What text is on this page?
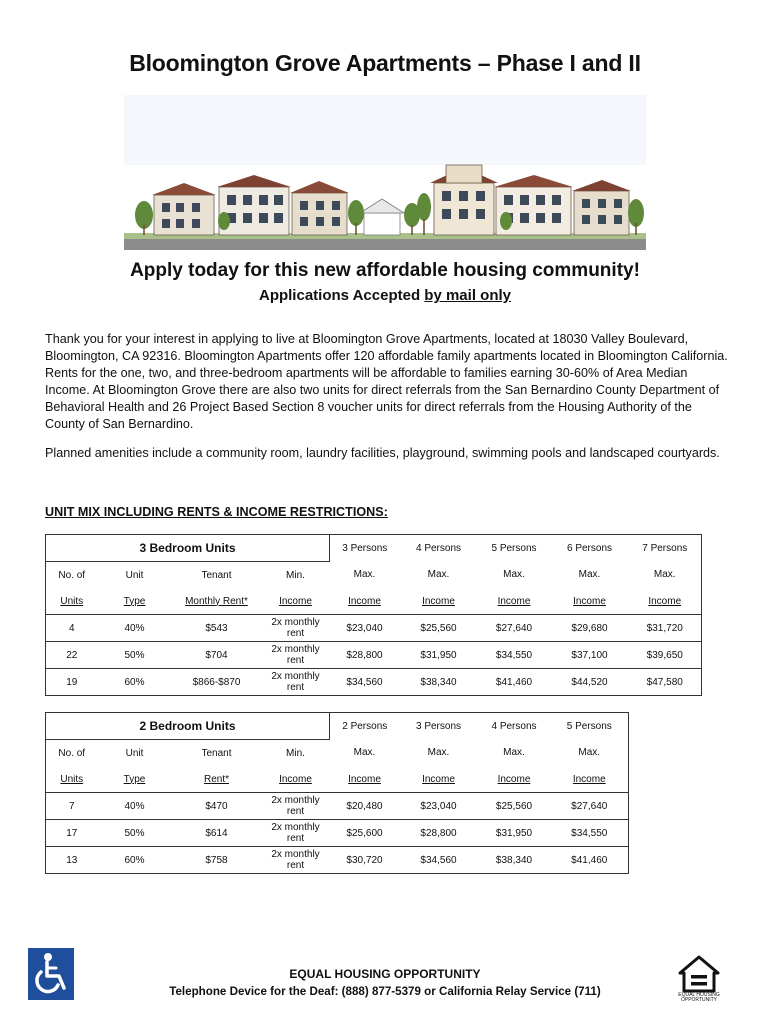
Bloomington Grove Apartments – Phase I and II
Apply today for this new affordable housing community!
Applications Accepted by mail only

Thank you for your interest in applying to live at Bloomington Grove Apartments, located at 18030 Valley Boulevard, Bloomington, CA 92316. Bloomington Apartments offer 120 affordable family apartments located in Bloomington California. Rents for the one, two, and three-bedroom apartments will be affordable to families earning 30-60% of Area Median Income. At Bloomington Grove there are also two units for direct referrals from the San Bernardino County Department of Behavioral Health and 26 Project Based Section 8 voucher units for direct referrals from the Housing Authority of the County of San Bernardino.

Planned amenities include a community room, laundry facilities, playground, swimming pools and landscaped courtyards.

UNIT MIX INCLUDING RENTS & INCOME RESTRICTIONS:
3 Bedroom Units				3 Persons	4 Persons	5 Persons	6 Persons	7 Persons
No. of	Unit	Tenant	Min.	Max.	Max.	Max.	Max.	Max.
Units	Type	Monthly Rent*	Income	Income	Income	Income	Income	Income
4	40%	$543	2x monthly rent	$23,040	$25,560	$27,640	$29,680	$31,720
22	50%	$704	2x monthly rent	$28,800	$31,950	$34,550	$37,100	$39,650
19	60%	$866-$870	2x monthly rent	$34,560	$38,340	$41,460	$44,520	$47,580
2 Bedroom Units				2 Persons	3 Persons	4 Persons	5 Persons
No. of	Unit	Tenant	Min.	Max.	Max.	Max.	Max.
Units	Type	Rent*	Income	Income	Income	Income	Income
7	40%	$470	2x monthly rent	$20,480	$23,040	$25,560	$27,640
17	50%	$614	2x monthly rent	$25,600	$28,800	$31,950	$34,550
13	60%	$758	2x monthly rent	$30,720	$34,560	$38,340	$41,460
EQUAL HOUSING OPPORTUNITY
Telephone Device for the Deaf: (888) 877-5379 or California Relay Service (711)	EQUAL HOUSING OPPORTUNITY
